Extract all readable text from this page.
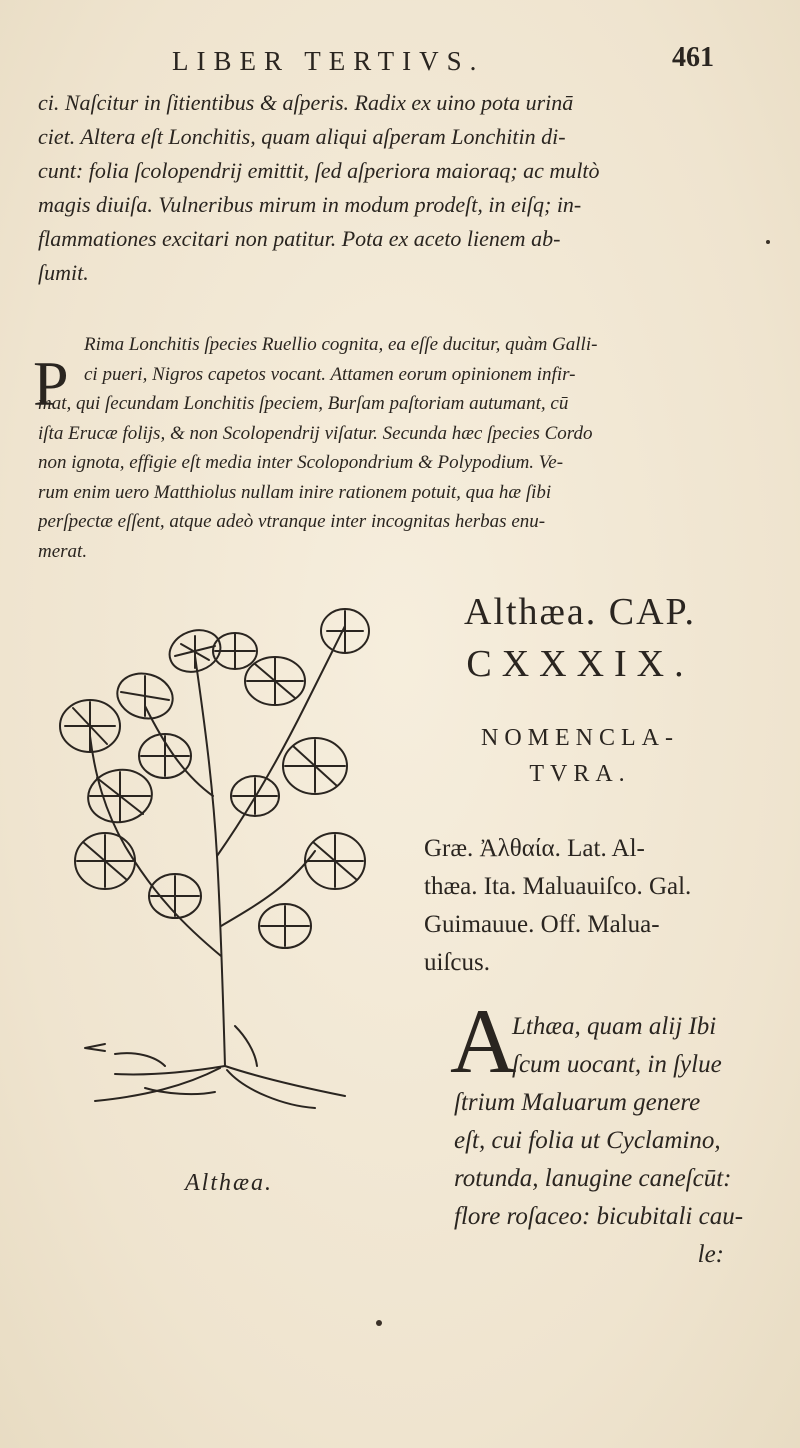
LIBER TERTIVS.	461
ci. Naſcitur in ſitientibus & aſperis. Radix ex uino pota urinā
ciet. Altera eſt Lonchitis, quam aliqui aſperam Lonchitin di-
cunt: folia ſcolopendrij emittit, ſed aſperiora maioraq; ac multò
magis diuiſa. Vulneribus mirum in modum prodeſt, in eiſq; in-
flammationes excitari non patitur. Pota ex aceto lienem ab-
ſumit.
P
Rima Lonchitis ſpecies Ruellio cognita, ea eſſe ducitur, quàm Galli-
ci pueri, Nigros capetos vocant. Attamen eorum opinionem infir-
mat, qui ſecundam Lonchitis ſpeciem, Burſam paſtoriam autumant, cū
iſta Erucæ folijs, & non Scolopendrij viſatur. Secunda hæc ſpecies Cordo
non ignota, effigie eſt media inter Scolopondrium & Polypodium. Ve-
rum enim uero Matthiolus nullam inire rationem potuit, qua hæ ſibi
perſpectæ eſſent, atque adeò vtranque inter incognitas herbas enu-
merat.
Althæa.
Althæa. CAP.
CXXXIX.
NOMENCLA-
TVRA.
Græ. Ἀλθαία. Lat. Al-
thæa. Ita. Maluauiſco. Gal.
Guimauue. Off. Malua-
uiſcus.
A
Lthæa, quam alij Ibi
ſcum uocant, in ſylue
ſtrium Maluarum genere
eſt, cui folia ut Cyclamino,
rotunda, lanugine caneſcūt:
flore roſaceo: bicubitali cau-
le:
